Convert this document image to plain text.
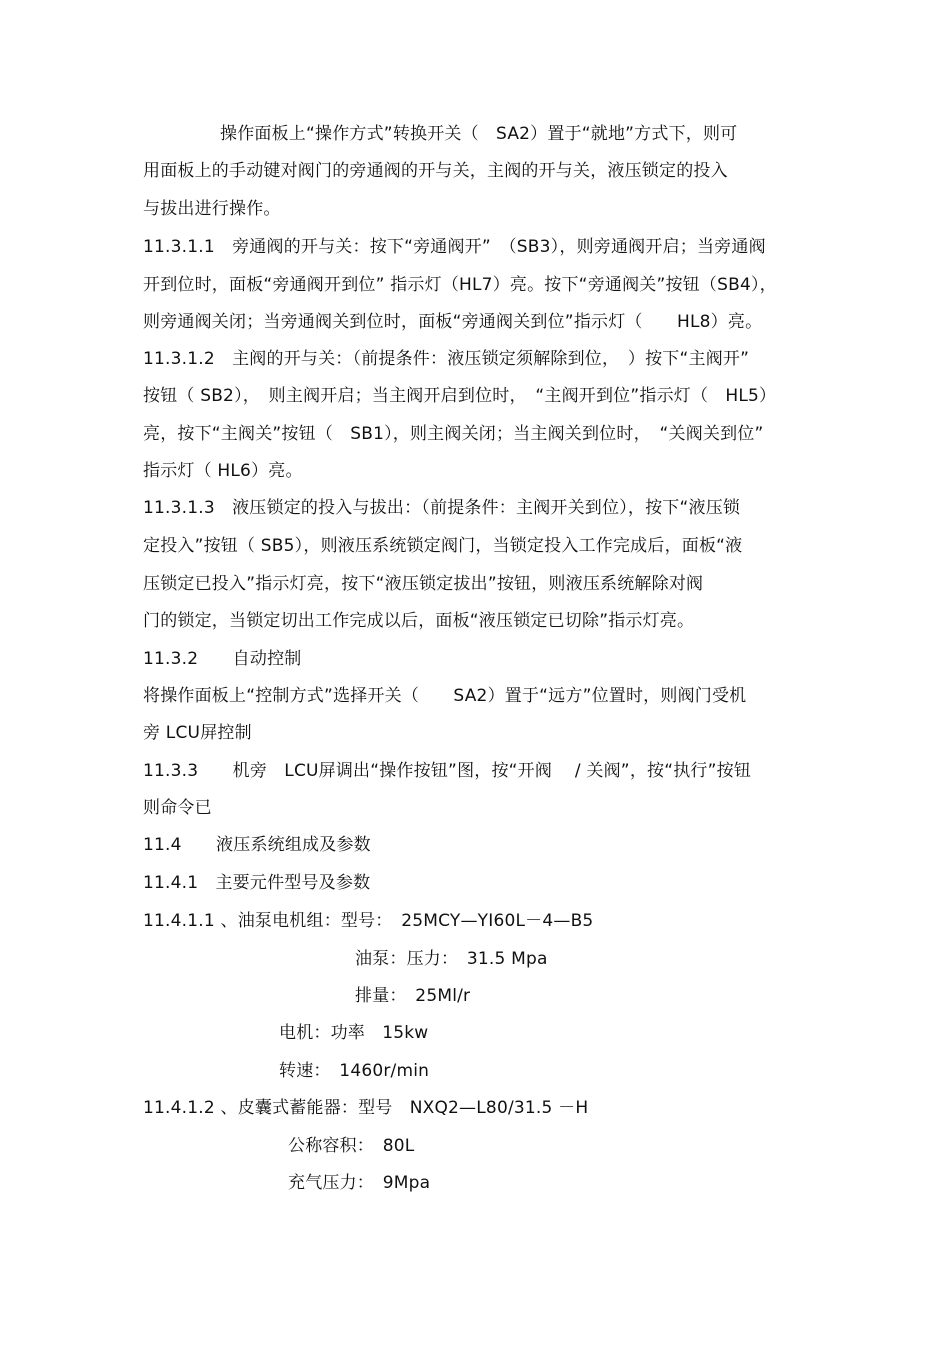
操作面板上“操作方式”转换开关（　SA2）置于“就地”方式下，则可
用面板上的手动键对阀门的旁通阀的开与关，主阀的开与关，液压锁定的投入
与拔出进行操作。
11.3.1.1　旁通阀的开与关：按下“旁通阀开”　（SB3），则旁通阀开启；当旁通阀
开到位时，面板“旁通阀开到位” 指示灯（HL7）亮。按下“旁通阀关”按钮（SB4），
则旁通阀关闭；当旁通阀关到位时，面板“旁通阀关到位”指示灯（　　HL8）亮。
11.3.1.2　主阀的开与关：（前提条件：液压锁定须解除到位，　）按下“主阀开”
按钮（ SB2），　则主阀开启；当主阀开启到位时，　“主阀开到位”指示灯（　HL5）
亮，按下“主阀关”按钮（　SB1），则主阀关闭；当主阀关到位时，　“关阀关到位”
指示灯（ HL6）亮。
11.3.1.3　液压锁定的投入与拔出：（前提条件：主阀开关到位），按下“液压锁
定投入”按钮（ SB5），则液压系统锁定阀门，当锁定投入工作完成后，面板“液
压锁定已投入”指示灯亮，按下“液压锁定拔出”按钮，则液压系统解除对阀
门的锁定，当锁定切出工作完成以后，面板“液压锁定已切除”指示灯亮。
11.3.2　　自动控制
将操作面板上“控制方式”选择开关（　　SA2）置于“远方”位置时，则阀门受机
旁 LCU屏控制
11.3.3　　机旁　LCU屏调出“操作按钮”图，按“开阀　 / 关阀”，按“执行”按钮
则命令已
11.4　　液压系统组成及参数
11.4.1　主要元件型号及参数
11.4.1.1 、油泵电机组：型号：　25MCY—YI60L－4—B5
油泵：压力：　31.5 Mpa
排量：　25Ml/r
电机：功率　15kw
转速：　1460r/min
11.4.1.2 、皮囊式蓄能器：型号　NXQ2—L80/31.5 －H
公称容积：　80L
充气压力：　9Mpa
